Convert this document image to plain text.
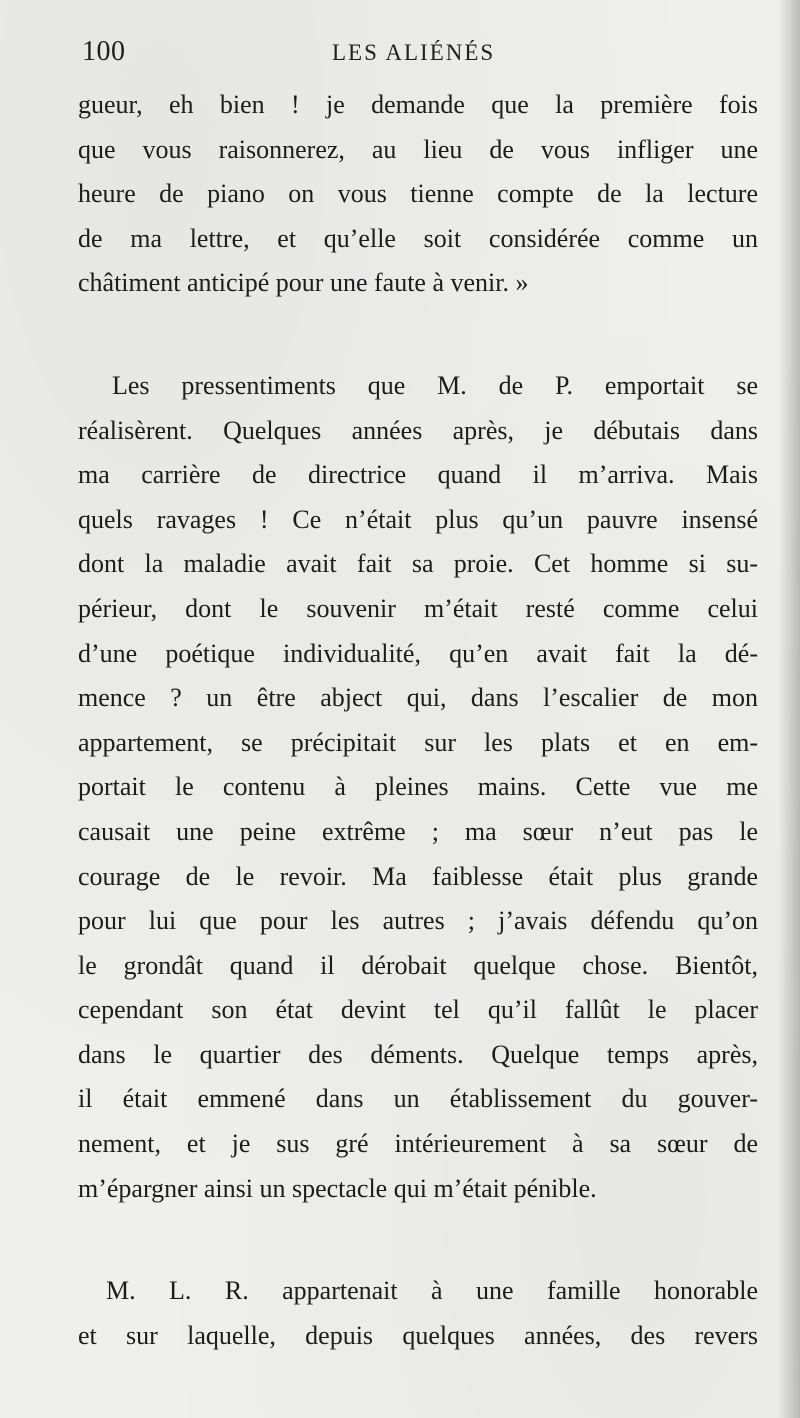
100	LES ALIÉNÉS

gueur, eh bien ! je demande que la première fois
que vous raisonnerez, au lieu de vous infliger une
heure de piano on vous tienne compte de la lecture
de ma lettre, et qu’elle soit considérée comme un
châtiment anticipé pour une faute à venir. »

Les pressentiments que M. de P. emportait se
réalisèrent. Quelques années après, je débutais dans
ma carrière de directrice quand il m’arriva. Mais
quels ravages ! Ce n’était plus qu’un pauvre insensé
dont la maladie avait fait sa proie. Cet homme si su-
périeur, dont le souvenir m’était resté comme celui
d’une poétique individualité, qu’en avait fait la dé-
mence ? un être abject qui, dans l’escalier de mon
appartement, se précipitait sur les plats et en em-
portait le contenu à pleines mains. Cette vue me
causait une peine extrême ; ma sœur n’eut pas le
courage de le revoir. Ma faiblesse était plus grande
pour lui que pour les autres ; j’avais défendu qu’on
le grondât quand il dérobait quelque chose. Bientôt,
cependant son état devint tel qu’il fallût le placer
dans le quartier des déments. Quelque temps après,
il était emmené dans un établissement du gouver-
nement, et je sus gré intérieurement à sa sœur de
m’épargner ainsi un spectacle qui m’était pénible.

M. L. R. appartenait à une famille honorable
et sur laquelle, depuis quelques années, des revers
